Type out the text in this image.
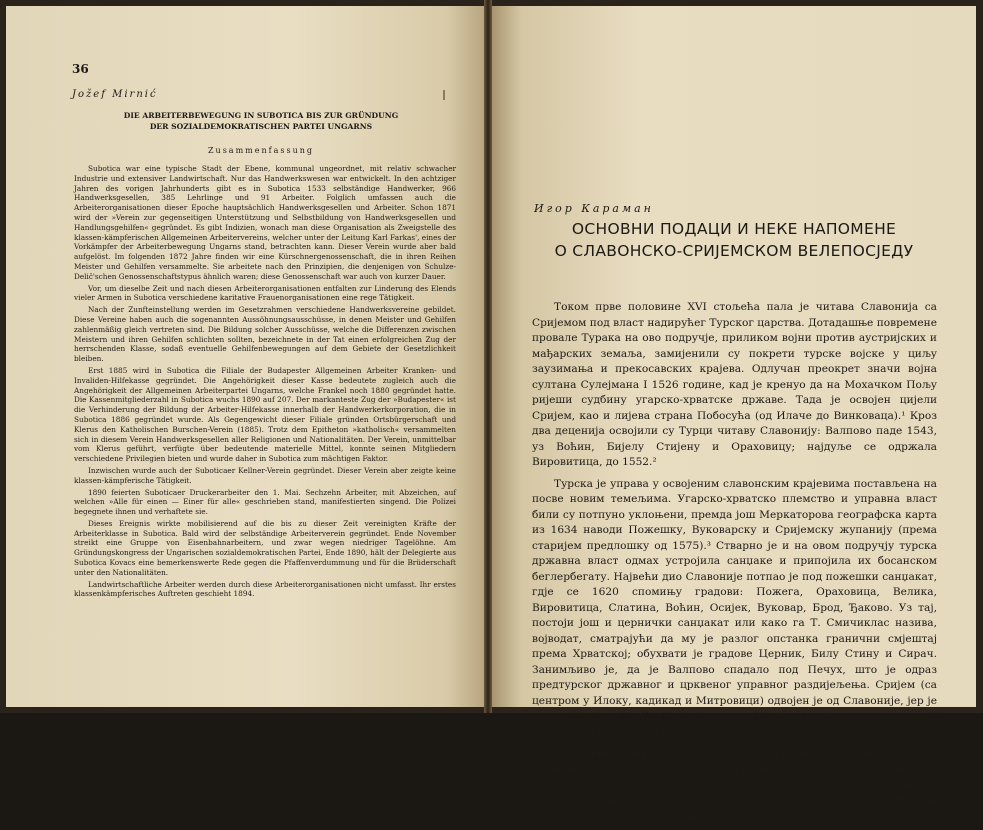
36
Jožef Mirnić
DIE ARBEITERBEWEGUNG IN SUBOTICA BIS ZUR GRÜNDUNG
DER SOZIALDEMOKRATISCHEN PARTEI UNGARNS
Zusammenfassung

Subotica war eine typische Stadt der Ebene, kommunal ungeordnet, mit relativ schwacher Industrie und extensiver Landwirtschaft. Nur das Handwerkswesen war entwickelt. In den achtziger Jahren des vorigen Jahrhunderts gibt es in Subotica 1533 selbständige Handwerker, 966 Handwerksgesellen, 385 Lehrlinge und 91 Arbeiter. Folglich umfassen auch die Arbeiterorganisationen dieser Epoche hauptsächlich Handwerksgesellen und Arbeiter. Schon 1871 wird der »Verein zur gegenseitigen Unterstützung und Selbstbildung von Handwerksgesellen und Handlungsgehilfen« gegründet. Es gibt Indizien, wonach man diese Organisation als Zweigstelle des klassen-kämpferischen Allgemeinen Arbeitervereins, welcher unter der Leitung Karl Farkas', eines der Vorkämpfer der Arbeiterbewegung Ungarns stand, betrachten kann. Dieser Verein wurde aber bald aufgelöst. Im folgenden 1872 Jahre finden wir eine Kürschnergenossenschaft, die in ihren Reihen Meister und Gehilfen versammelte. Sie arbeitete nach den Prinzipien, die denjenigen von Schulze-Delič'schen Genossenschaftstypus ähnlich waren; diese Genossenschaft war auch von kurzer Dauer.

Vor, um dieselbe Zeit und nach diesen Arbeiterorganisationen entfalten zur Linderung des Elends vieler Armen in Subotica verschiedene karitative Frauenorganisationen eine rege Tätigkeit.

Nach der Zunfteinstellung werden im Gesetzrahmen verschiedene Handwerksvereine gebildet. Diese Vereine haben auch die sogenannten Aussöhnungsausschüsse, in denen Meister und Gehilfen zahlenmäßig gleich vertreten sind. Die Bildung solcher Ausschüsse, welche die Differenzen zwischen Meistern und ihren Gehilfen schlichten sollten, bezeichnete in der Tat einen erfolgreichen Zug der herrschenden Klasse, sodaß eventuelle Gehilfenbewegungen auf dem Gebiete der Gesetzlichkeit bleiben.

Erst 1885 wird in Subotica die Filiale der Budapester Allgemeinen Arbeiter Kranken- und Invaliden-Hilfekasse gegründet. Die Angehörigkeit dieser Kasse bedeutete zugleich auch die Angehörigkeit der Allgemeinen Arbeiterpartei Ungarns, welche Frankel noch 1880 gegründet hatte. Die Kassenmitgliederzahl in Subotica wuchs 1890 auf 207. Der markanteste Zug der »Budapester« ist die Verhinderung der Bildung der Arbeiter-Hilfekasse innerhalb der Handwerkerkorporation, die in Subotica 1886 gegründet wurde. Als Gegengewicht dieser Filiale gründen Ortsbürgerschaft und Klerus den Katholischen Burschen-Verein (1885). Trotz dem Epitheton »katholisch« versammelten sich in diesem Verein Handwerksgesellen aller Religionen und Nationalitäten. Der Verein, unmittelbar vom Klerus geführt, verfügte über bedeutende materielle Mittel, konnte seinen Mitgliedern verschiedene Privilegien bieten und wurde daher in Subotica zum mächtigen Faktor.

Inzwischen wurde auch der Suboticaer Kellner-Verein gegründet. Dieser Verein aber zeigte keine klassen-kämpferische Tätigkeit.

1890 feierten Suboticaer Druckerarbeiter den 1. Mai. Sechzehn Arbeiter, mit Abzeichen, auf welchen »Alle für einen — Einer für alle« geschrieben stand, manifestierten singend. Die Polizei begegnete ihnen und verhaftete sie.

Dieses Ereignis wirkte mobilisierend auf die bis zu dieser Zeit vereinigten Kräfte der Arbeiterklasse in Subotica. Bald wird der selbständige Arbeiterverein gegründet. Ende November streikt eine Gruppe von Eisenbahnarbeitern, und zwar wegen niedriger Tagelöhne. Am Gründungskongress der Ungarischen sozialdemokratischen Partei, Ende 1890, hält der Delegierte aus Subotica Kovacs eine bemerkenswerte Rede gegen die Pfaffenverdummung und für die Brüderschaft unter den Nationalitäten.

Landwirtschaftliche Arbeiter werden durch diese Arbeiterorganisationen nicht umfasst. Ihr erstes klassenkämpferisches Auftreten geschieht 1894.

Игор Караман
ОСНОВНИ ПОДАЦИ И НЕКЕ НАПОМЕНЕ
О СЛАВОНСКО-СРИЈЕМСКОМ ВЕЛЕПОСЈЕДУ

Током прве половине XVI стољећа пала је читава Славонија са Сријемом под власт надирућег Турског царства. Дотадашње повремене провале Турака на ово подручје, приликом војни против аустријских и мађарских земаља, замијенили су покрети турске војске у циљу заузимања и прекосавских крајева. Одлучан преокрет значи војна султана Сулејмана I 1526 године, кад је кренуо да на Мохачком Пољу ријеши судбину угарско-хрватске државе. Тада је освојен цијели Сријем, као и лијева страна Побосућа (од Илаче до Винковаца).¹ Кроз два деценија освојили су Турци читаву Славонију: Валпово паде 1543, уз Воћин, Бијелу Стијену и Ораховицу; најдуље се одржала Вировитица, до 1552.²

Турска је управа у освојеним славонским крајевима постављена на посве новим темељима. Угарско-хрватско племство и управна власт били су потпуно уклоњени, премда још Меркаторова географска карта из 1634 наводи Пожешку, Вуковарску и Сријемску жупанију (према старијем предлошку од 1575).³ Стварно је и на овом подручју турска државна власт одмах устројила санџаке и припојила их босанском беглербегату. Највећи дио Славоније потпао је под пожешки санџакат, гдје се 1620 спомињу градови: Пожега, Ораховица, Велика, Вировитица, Слатина, Воћин, Осијек, Вуковар, Брод, Ђаково. Уз тај, постоји још и цернички санџакат или како га Т. Смичиклас назива, војводат, сматрајући да му је разлог опстанка гранични смјештај према Хрватској; обухвати је градове Церник, Билу Стину и Сирач. Занимљиво је, да је Валпово спадало под Печух, што је одраз предтурског државног и црквеног управног раздијељења. Сријем (са центром у Илоку, кадикад и Митровици) одвојен је од Славоније, јер је подручје раније Сријемске жупаније прикључено као санџакат будимском беглербегату.⁴

Заузимање Славоније по Турцима било је резултат неколико војни у трајању од двадесетак година, док је она ослобођена у једном налету (1687—88 и поново 1691), за Велики рат за ослобођење, што се развио након успјешно завршене обране Беча 1683. Већ 1687 био је именован гроф Фрањо Иванович великим жупаном по-
